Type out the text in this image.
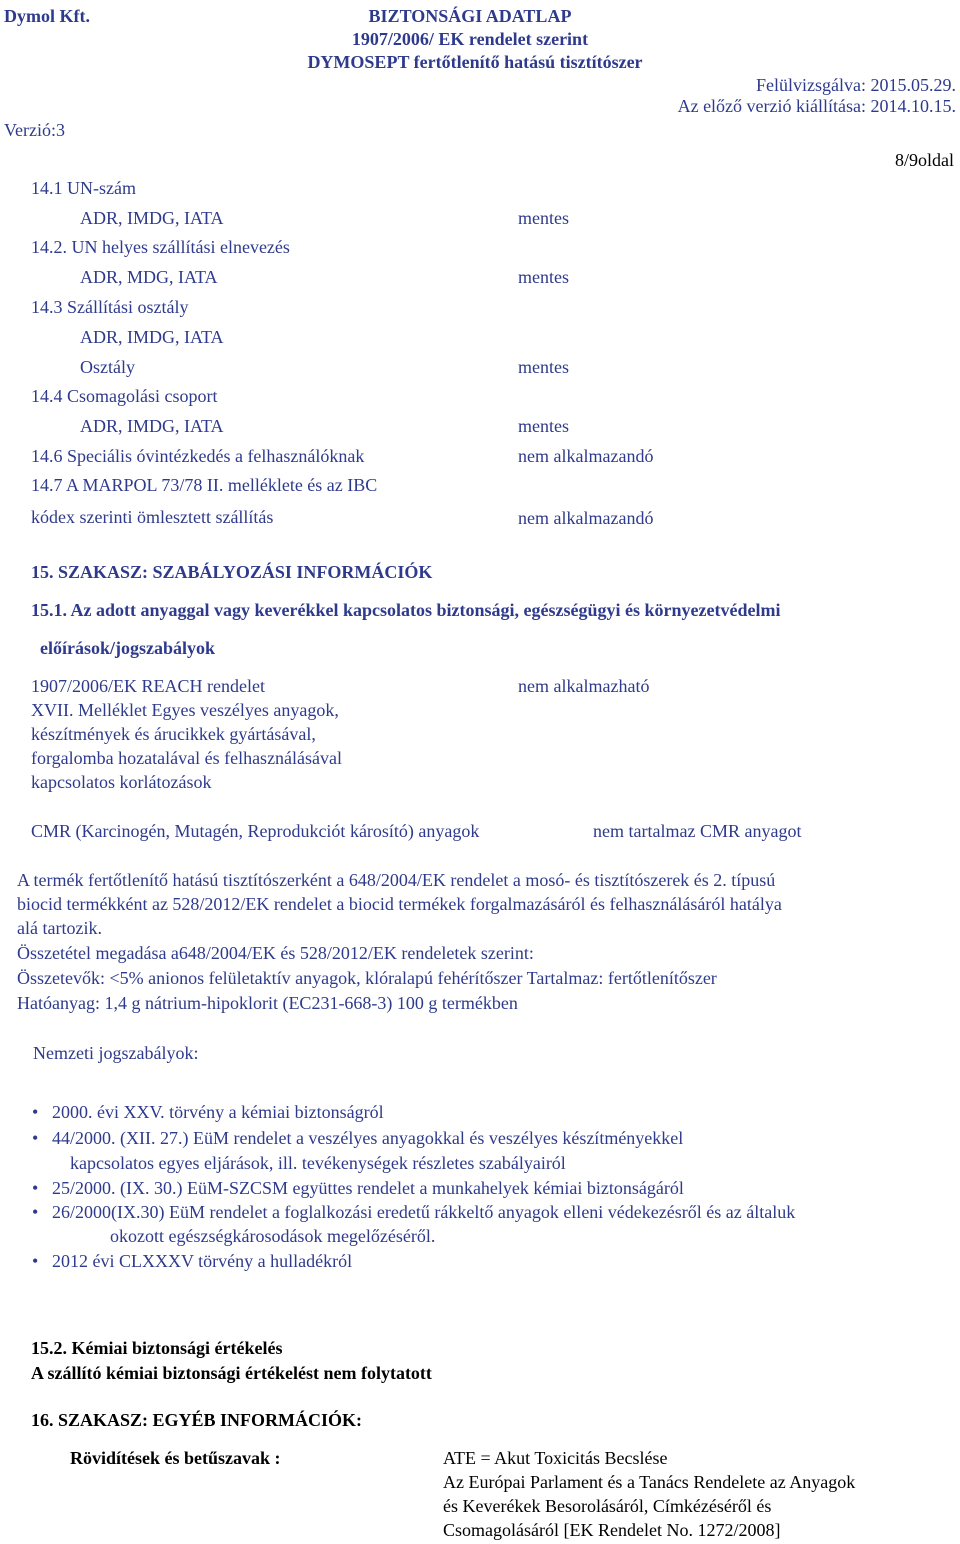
Dymol Kft.	BIZTONSÁGI ADATLAP
1907/2006/ EK rendelet szerint
DYMOSEPT fertőtlenítő hatású tisztítószer
Felülvizsgálva: 2015.05.29.
Az előző verzió kiállítása: 2014.10.15.
Verzió:3
8/9oldal
14.1 UN-szám
ADR, IMDG, IATA	mentes
14.2. UN helyes szállítási elnevezés
ADR, MDG, IATA	mentes
14.3 Szállítási osztály
ADR, IMDG, IATA
Osztály	mentes
14.4 Csomagolási csoport
ADR, IMDG, IATA	mentes
14.6 Speciális óvintézkedés a felhasználóknak	nem alkalmazandó
14.7 A MARPOL 73/78 II. melléklete és az IBC
kódex szerinti ömlesztett szállítás	nem alkalmazandó
15. SZAKASZ: SZABÁLYOZÁSI INFORMÁCIÓK
15.1. Az adott anyaggal vagy keverékkel kapcsolatos biztonsági, egészségügyi és környezetvédelmi
előírások/jogszabályok
1907/2006/EK REACH rendelet	nem alkalmazható
XVII. Melléklet Egyes veszélyes anyagok,
készítmények és árucikkek gyártásával,
forgalomba hozatalával és felhasználásával
kapcsolatos korlátozások
CMR (Karcinogén, Mutagén, Reprodukciót károsító) anyagok	nem tartalmaz CMR anyagot
A termék fertőtlenítő hatású tisztítószerként a 648/2004/EK rendelet a mosó- és tisztítószerek és 2. típusú
biocid termékként az 528/2012/EK rendelet a biocid termékek forgalmazásáról és felhasználásáról hatálya
alá tartozik.
Összetétel megadása a648/2004/EK és 528/2012/EK rendeletek szerint:
Összetevők: <5% anionos felületaktív anyagok, klóralapú fehérítőszer Tartalmaz: fertőtlenítőszer
Hatóanyag: 1,4 g nátrium-hipoklorit (EC231-668-3) 100 g termékben
Nemzeti jogszabályok:
• 2000. évi XXV. törvény a kémiai biztonságról
• 44/2000. (XII. 27.) EüM rendelet a veszélyes anyagokkal és veszélyes készítményekkel
kapcsolatos egyes eljárások, ill. tevékenységek részletes szabályairól
• 25/2000. (IX. 30.) EüM-SZCSM együttes rendelet a munkahelyek kémiai biztonságáról
• 26/2000(IX.30) EüM rendelet a foglalkozási eredetű rákkeltő anyagok elleni védekezésről és az általuk
okozott egészségkárosodások megelőzéséről.
• 2012 évi CLXXXV törvény a hulladékról
15.2. Kémiai biztonsági értékelés
A szállító kémiai biztonsági értékelést nem folytatott
16. SZAKASZ: EGYÉB INFORMÁCIÓK:
Rövidítések és betűszavak :	ATE = Akut Toxicitás Becslése
Az Európai Parlament és a Tanács Rendelete az Anyagok
és Keverékek Besorolásáról, Címkézéséről és
Csomagolásáról [EK Rendelet No. 1272/2008]
